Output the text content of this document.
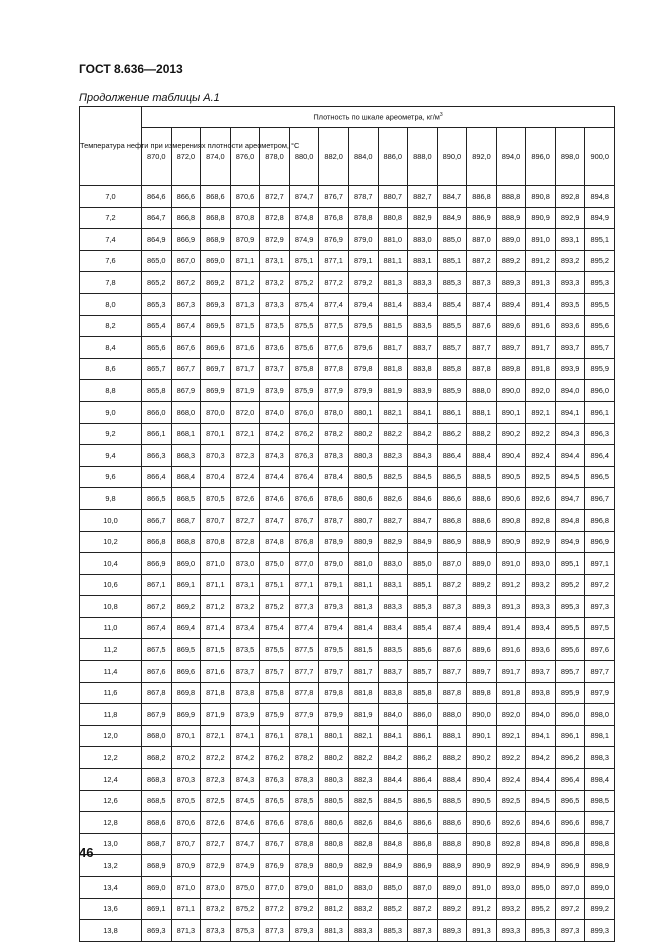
ГОСТ 8.636—2013
Продолжение таблицы А.1
Температура нефти при измерениях плотности ареометром, °С	Плотность по шкале ареометра, $кг/м^3$
	870,0	872,0	874,0	876,0	878,0	880,0	882,0	884,0	886,0	888,0	890,0	892,0	894,0	896,0	898,0	900,0
7,0	864,6	866,6	868,6	870,6	872,7	874,7	876,7	878,7	880,7	882,7	884,7	886,8	888,8	890,8	892,8	894,8
7,2	864,7	866,8	868,8	870,8	872,8	874,8	876,8	878,8	880,8	882,9	884,9	886,9	888,9	890,9	892,9	894,9
7,4	864,9	866,9	868,9	870,9	872,9	874,9	876,9	879,0	881,0	883,0	885,0	887,0	889,0	891,0	893,1	895,1
7,6	865,0	867,0	869,0	871,1	873,1	875,1	877,1	879,1	881,1	883,1	885,1	887,2	889,2	891,2	893,2	895,2
7,8	865,2	867,2	869,2	871,2	873,2	875,2	877,2	879,2	881,3	883,3	885,3	887,3	889,3	891,3	893,3	895,3
8,0	865,3	867,3	869,3	871,3	873,3	875,4	877,4	879,4	881,4	883,4	885,4	887,4	889,4	891,4	893,5	895,5
8,2	865,4	867,4	869,5	871,5	873,5	875,5	877,5	879,5	881,5	883,5	885,5	887,6	889,6	891,6	893,6	895,6
8,4	865,6	867,6	869,6	871,6	873,6	875,6	877,6	879,6	881,7	883,7	885,7	887,7	889,7	891,7	893,7	895,7
8,6	865,7	867,7	869,7	871,7	873,7	875,8	877,8	879,8	881,8	883,8	885,8	887,8	889,8	891,8	893,9	895,9
8,8	865,8	867,9	869,9	871,9	873,9	875,9	877,9	879,9	881,9	883,9	885,9	888,0	890,0	892,0	894,0	896,0
9,0	866,0	868,0	870,0	872,0	874,0	876,0	878,0	880,1	882,1	884,1	886,1	888,1	890,1	892,1	894,1	896,1
9,2	866,1	868,1	870,1	872,1	874,2	876,2	878,2	880,2	882,2	884,2	886,2	888,2	890,2	892,2	894,3	896,3
9,4	866,3	868,3	870,3	872,3	874,3	876,3	878,3	880,3	882,3	884,3	886,4	888,4	890,4	892,4	894,4	896,4
9,6	866,4	868,4	870,4	872,4	874,4	876,4	878,4	880,5	882,5	884,5	886,5	888,5	890,5	892,5	894,5	896,5
9,8	866,5	868,5	870,5	872,6	874,6	876,6	878,6	880,6	882,6	884,6	886,6	888,6	890,6	892,6	894,7	896,7
10,0	866,7	868,7	870,7	872,7	874,7	876,7	878,7	880,7	882,7	884,7	886,8	888,6	890,8	892,8	894,8	896,8
10,2	866,8	868,8	870,8	872,8	874,8	876,8	878,9	880,9	882,9	884,9	886,9	888,9	890,9	892,9	894,9	896,9
10,4	866,9	869,0	871,0	873,0	875,0	877,0	879,0	881,0	883,0	885,0	887,0	889,0	891,0	893,0	895,1	897,1
10,6	867,1	869,1	871,1	873,1	875,1	877,1	879,1	881,1	883,1	885,1	887,2	889,2	891,2	893,2	895,2	897,2
10,8	867,2	869,2	871,2	873,2	875,2	877,3	879,3	881,3	883,3	885,3	887,3	889,3	891,3	893,3	895,3	897,3
11,0	867,4	869,4	871,4	873,4	875,4	877,4	879,4	881,4	883,4	885,4	887,4	889,4	891,4	893,4	895,5	897,5
11,2	867,5	869,5	871,5	873,5	875,5	877,5	879,5	881,5	883,5	885,6	887,6	889,6	891,6	893,6	895,6	897,6
11,4	867,6	869,6	871,6	873,7	875,7	877,7	879,7	881,7	883,7	885,7	887,7	889,7	891,7	893,7	895,7	897,7
11,6	867,8	869,8	871,8	873,8	875,8	877,8	879,8	881,8	883,8	885,8	887,8	889,8	891,8	893,8	895,9	897,9
11,8	867,9	869,9	871,9	873,9	875,9	877,9	879,9	881,9	884,0	886,0	888,0	890,0	892,0	894,0	896,0	898,0
12,0	868,0	870,1	872,1	874,1	876,1	878,1	880,1	882,1	884,1	886,1	888,1	890,1	892,1	894,1	896,1	898,1
12,2	868,2	870,2	872,2	874,2	876,2	878,2	880,2	882,2	884,2	886,2	888,2	890,2	892,2	894,2	896,2	898,3
12,4	868,3	870,3	872,3	874,3	876,3	878,3	880,3	882,3	884,4	886,4	888,4	890,4	892,4	894,4	896,4	898,4
12,6	868,5	870,5	872,5	874,5	876,5	878,5	880,5	882,5	884,5	886,5	888,5	890,5	892,5	894,5	896,5	898,5
12,8	868,6	870,6	872,6	874,6	876,6	878,6	880,6	882,6	884,6	886,6	888,6	890,6	892,6	894,6	896,6	898,7
13,0	868,7	870,7	872,7	874,7	876,7	878,8	880,8	882,8	884,8	886,8	888,8	890,8	892,8	894,8	896,8	898,8
13,2	868,9	870,9	872,9	874,9	876,9	878,9	880,9	882,9	884,9	886,9	888,9	890,9	892,9	894,9	896,9	898,9
13,4	869,0	871,0	873,0	875,0	877,0	879,0	881,0	883,0	885,0	887,0	889,0	891,0	893,0	895,0	897,0	899,0
13,6	869,1	871,1	873,2	875,2	877,2	879,2	881,2	883,2	885,2	887,2	889,2	891,2	893,2	895,2	897,2	899,2
13,8	869,3	871,3	873,3	875,3	877,3	879,3	881,3	883,3	885,3	887,3	889,3	891,3	893,3	895,3	897,3	899,3
46
